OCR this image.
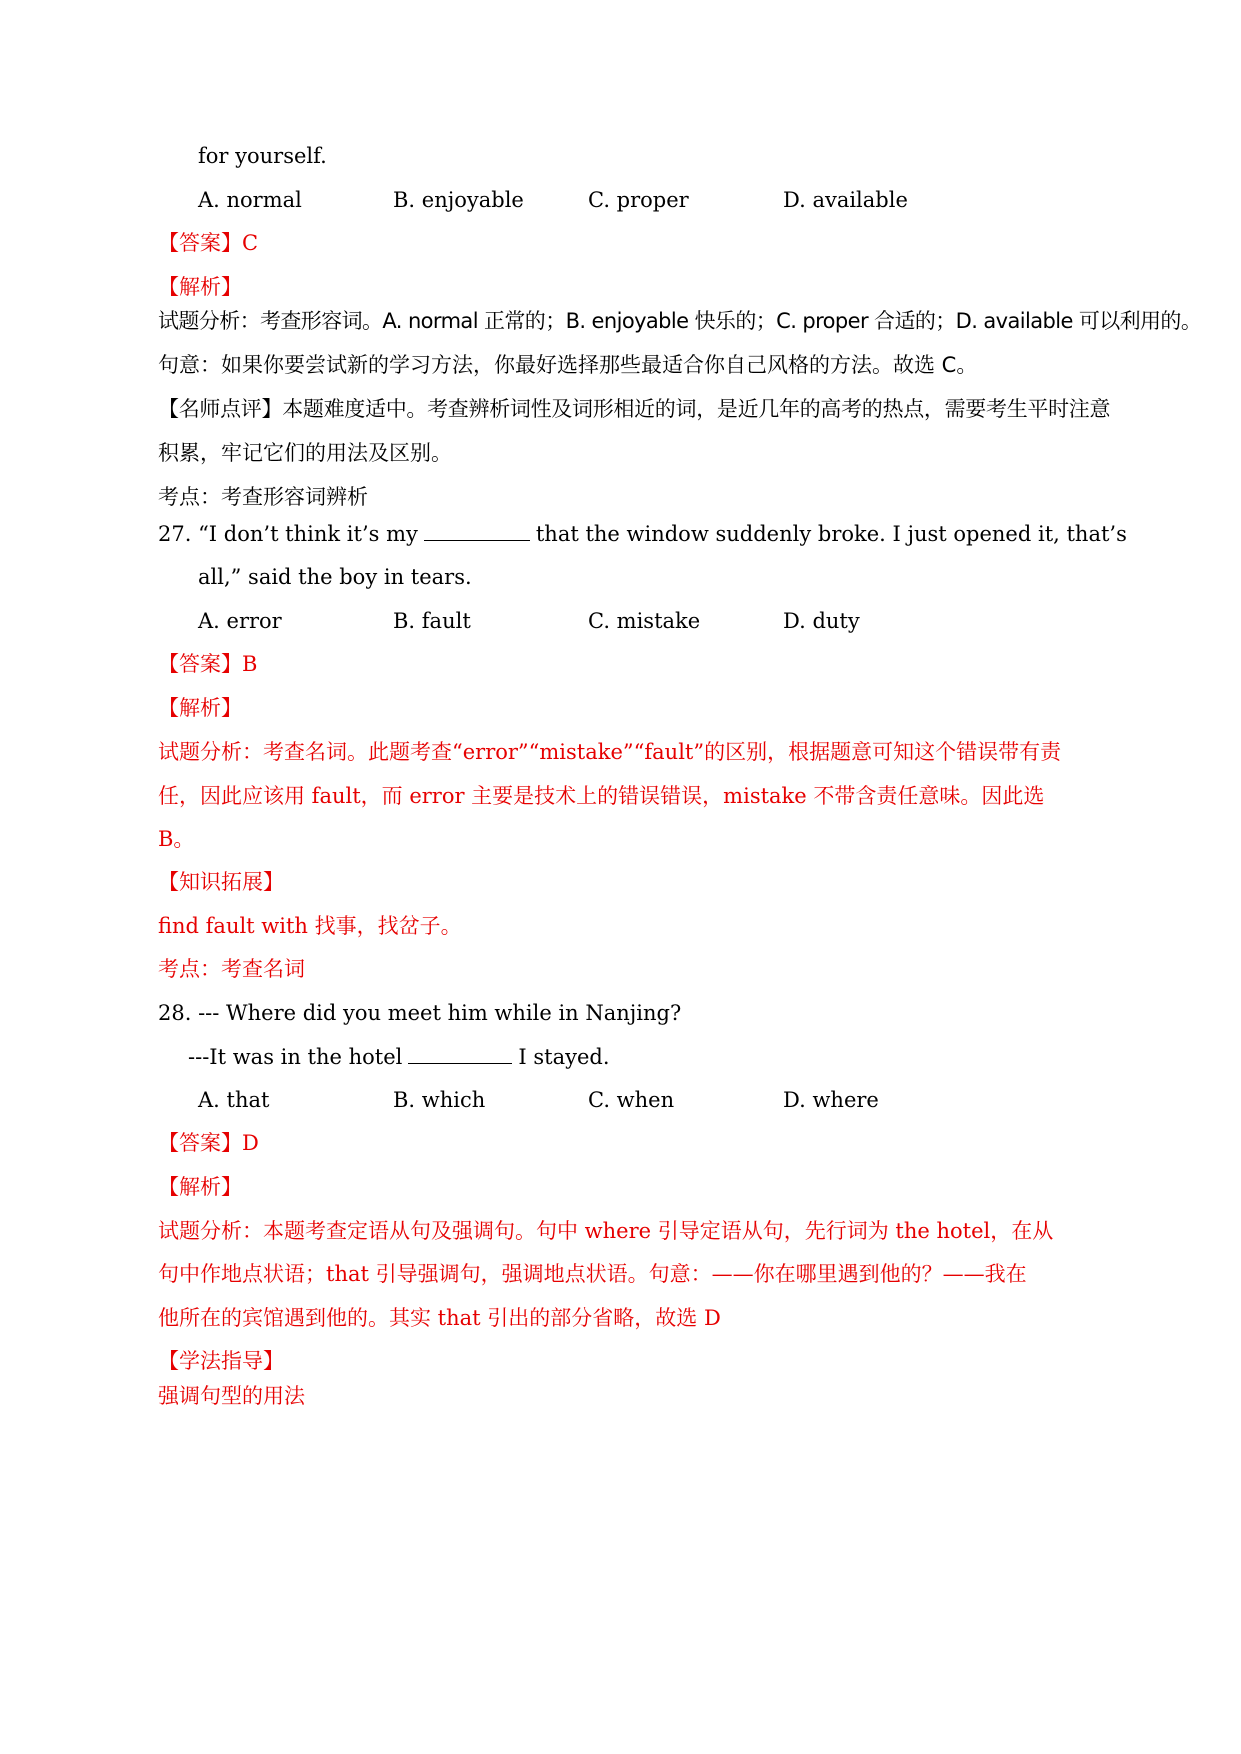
for yourself.
A. normal	B. enjoyable	C. proper	D. available
【答案】C
【解析】
试题分析：考查形容词。A. normal 正常的；B. enjoyable 快乐的；C. proper 合适的；D. available 可以利用的。
句意：如果你要尝试新的学习方法，你最好选择那些最适合你自己风格的方法。故选 C。
【名师点评】本题难度适中。考查辨析词性及词形相近的词，是近几年的高考的热点，需要考生平时注意
积累，牢记它们的用法及区别。
考点：考查形容词辨析
27. “I don’t think it’s my	that the window suddenly broke. I just opened it, that’s
all,” said the boy in tears.
A. error	B. fault	C. mistake	D. duty
【答案】B
【解析】
试题分析：考查名词。此题考查“error”“mistake”“fault”的区别，根据题意可知这个错误带有责
任，因此应该用 fault，而 error 主要是技术上的错误错误，mistake 不带含责任意味。因此选
B。
【知识拓展】
find fault with 找事，找岔子。
考点：考查名词
28. --- Where did you meet him while in Nanjing?
---It was in the hotel	I stayed.
A. that	B. which	C. when	D. where
【答案】D
【解析】
试题分析：本题考查定语从句及强调句。句中 where 引导定语从句，先行词为 the hotel，在从
句中作地点状语；that 引导强调句，强调地点状语。句意：——你在哪里遇到他的？——我在
他所在的宾馆遇到他的。其实 that 引出的部分省略，故选 D
【学法指导】
强调句型的用法
